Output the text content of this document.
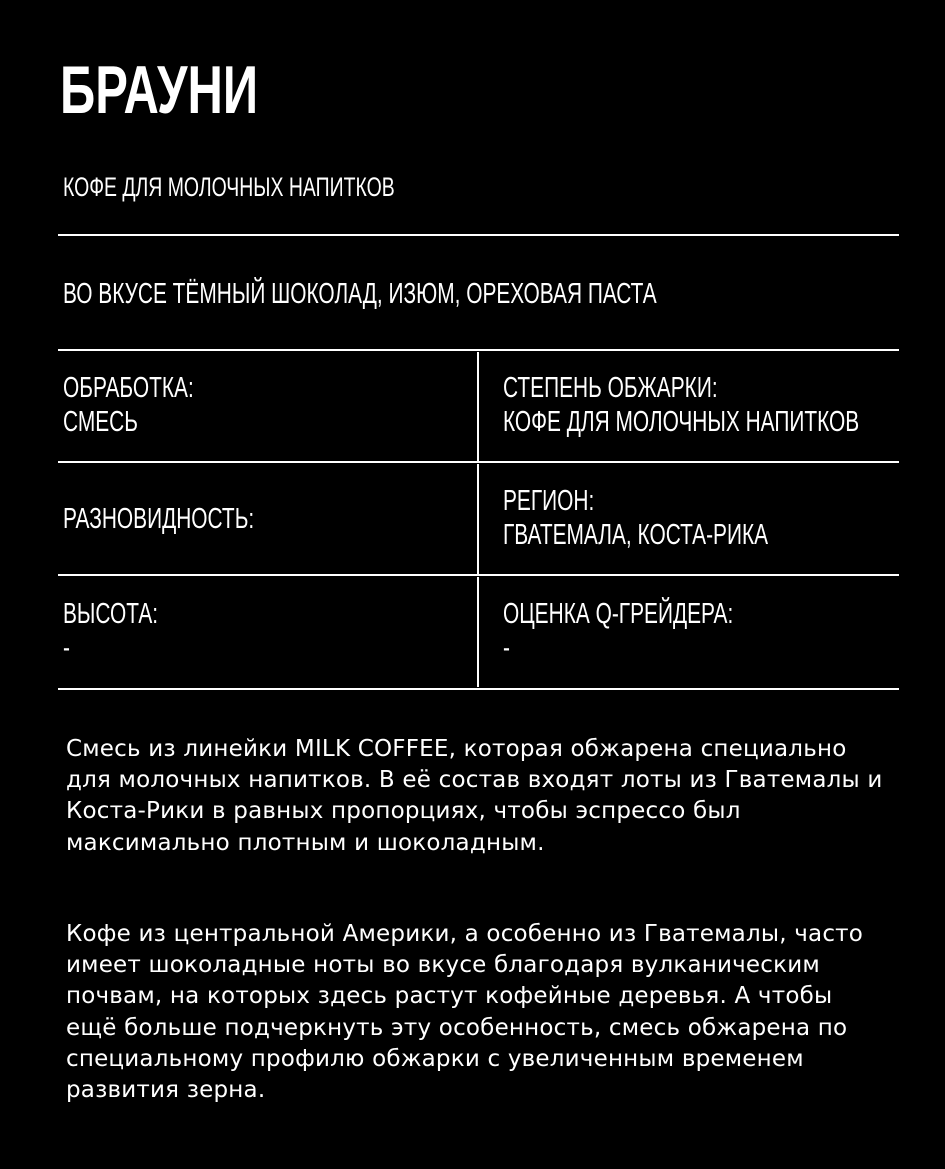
БРАУНИ
КОФЕ ДЛЯ МОЛОЧНЫХ НАПИТКОВ
ВО ВКУСЕ ТЁМНЫЙ ШОКОЛАД, ИЗЮМ, ОРЕХОВАЯ ПАСТА
ОБРАБОТКА:
СМЕСЬ
СТЕПЕНЬ ОБЖАРКИ:
КОФЕ ДЛЯ МОЛОЧНЫХ НАПИТКОВ
РАЗНОВИДНОСТЬ:
РЕГИОН:
ГВАТЕМАЛА, КОСТА-РИКА
ВЫСОТА:
-
ОЦЕНКА Q-ГРЕЙДЕРА:
-

Смесь из линейки MILK COFFEE, которая обжарена специально для молочных напитков. В её состав входят лоты из Гватемалы и Коста-Рики в равных пропорциях, чтобы эспрессо был максимально плотным и шоколадным.

Кофе из центральной Америки, а особенно из Гватемалы, часто имеет шоколадные ноты во вкусе благодаря вулканическим почвам, на которых здесь растут кофейные деревья. А чтобы ещё больше подчеркнуть эту особенность, смесь обжарена по специальному профилю обжарки с увеличенным временем развития зерна.
